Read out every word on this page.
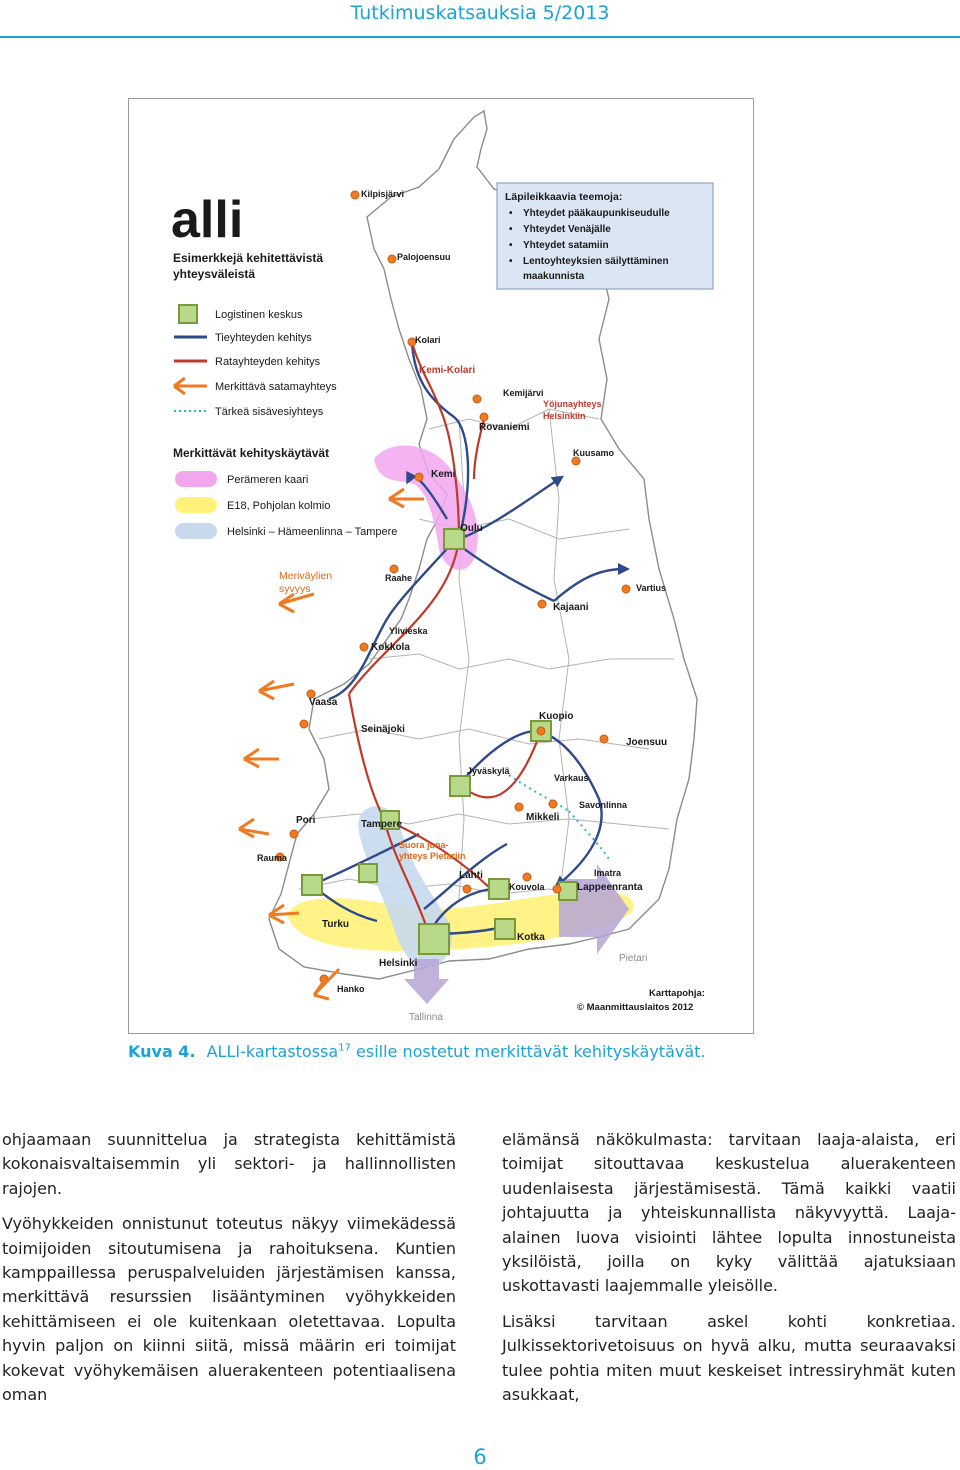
Tutkimuskatsauksia 5/2013
alli
Esimerkkejä kehitettävistä
yhteysväleistä
Logistinen keskus
Tieyhteyden kehitys
Ratayhteyden kehitys
Merkittävä satamayhteys
Tärkeä sisävesiyhteys
Merkittävät kehityskäytävät
Perämeren kaari
E18, Pohjolan kolmio
Helsinki – Hämeenlinna – Tampere
Läpileikkaavia teemoja:
• Yhteydet pääkaupunkiseudulle
• Yhteydet Venäjälle
• Yhteydet satamiin
• Lentoyhteyksien säilyttäminen
maakunnista
Meriväylien
syvyys
Kilpisjärvi
Palojoensuu
Kolari
Kemi-Kolari
Kemijärvi
Yöjunayhteys
Helsinkiin
Rovaniemi
Kuusamo
Kemi
Oulu
Raahe
Vartius
Kajaani
Ylivieska
Kokkola
Vaasa
Seinäjoki
Kuopio
Joensuu
Jyväskylä
Varkaus
Savonlinna
Pori	Tampere
Mikkeli
Suora juna-
yhteys Pietariin
Rauma
Lahti	Imatra
Kouvola	Lappeenranta
Turku
Kotka
Helsinki	Pietari
Hanko
Tallinna
Karttapohja:
© Maanmittauslaitos 2012
Kuva 4. ALLI-kartastossa$^{17}$ esille nostetut merkittävät kehityskäytävät.

ohjaamaan suunnittelua ja strategista kehittämistä kokonaisvaltaisemmin yli sektori- ja hallinnollisten rajojen.

Vyöhykkeiden onnistunut toteutus näkyy viimekädessä toimijoiden sitoutumisena ja rahoituksena. Kuntien kamppaillessa peruspalveluiden järjestämisen kanssa, merkittävä resurssien lisääntyminen vyöhykkeiden kehittämiseen ei ole kuitenkaan oletettavaa. Lopulta hyvin paljon on kiinni siitä, missä määrin eri toimijat kokevat vyöhykemäisen aluerakenteen potentiaalisena oman

elämänsä näkökulmasta: tarvitaan laaja-alaista, eri toimijat sitouttavaa keskustelua aluerakenteen uudenlaisesta järjestämisestä. Tämä kaikki vaatii johtajuutta ja yhteiskunnallista näkyvyyttä. Laaja-alainen luova visiointi lähtee lopulta innostuneista yksilöistä, joilla on kyky välittää ajatuksiaan uskottavasti laajemmalle yleisölle.

Lisäksi tarvitaan askel kohti konkretiaa. Julkissektorivetoisuus on hyvä alku, mutta seuraavaksi tulee pohtia miten muut keskeiset intressiryhmät kuten asukkaat,

6
